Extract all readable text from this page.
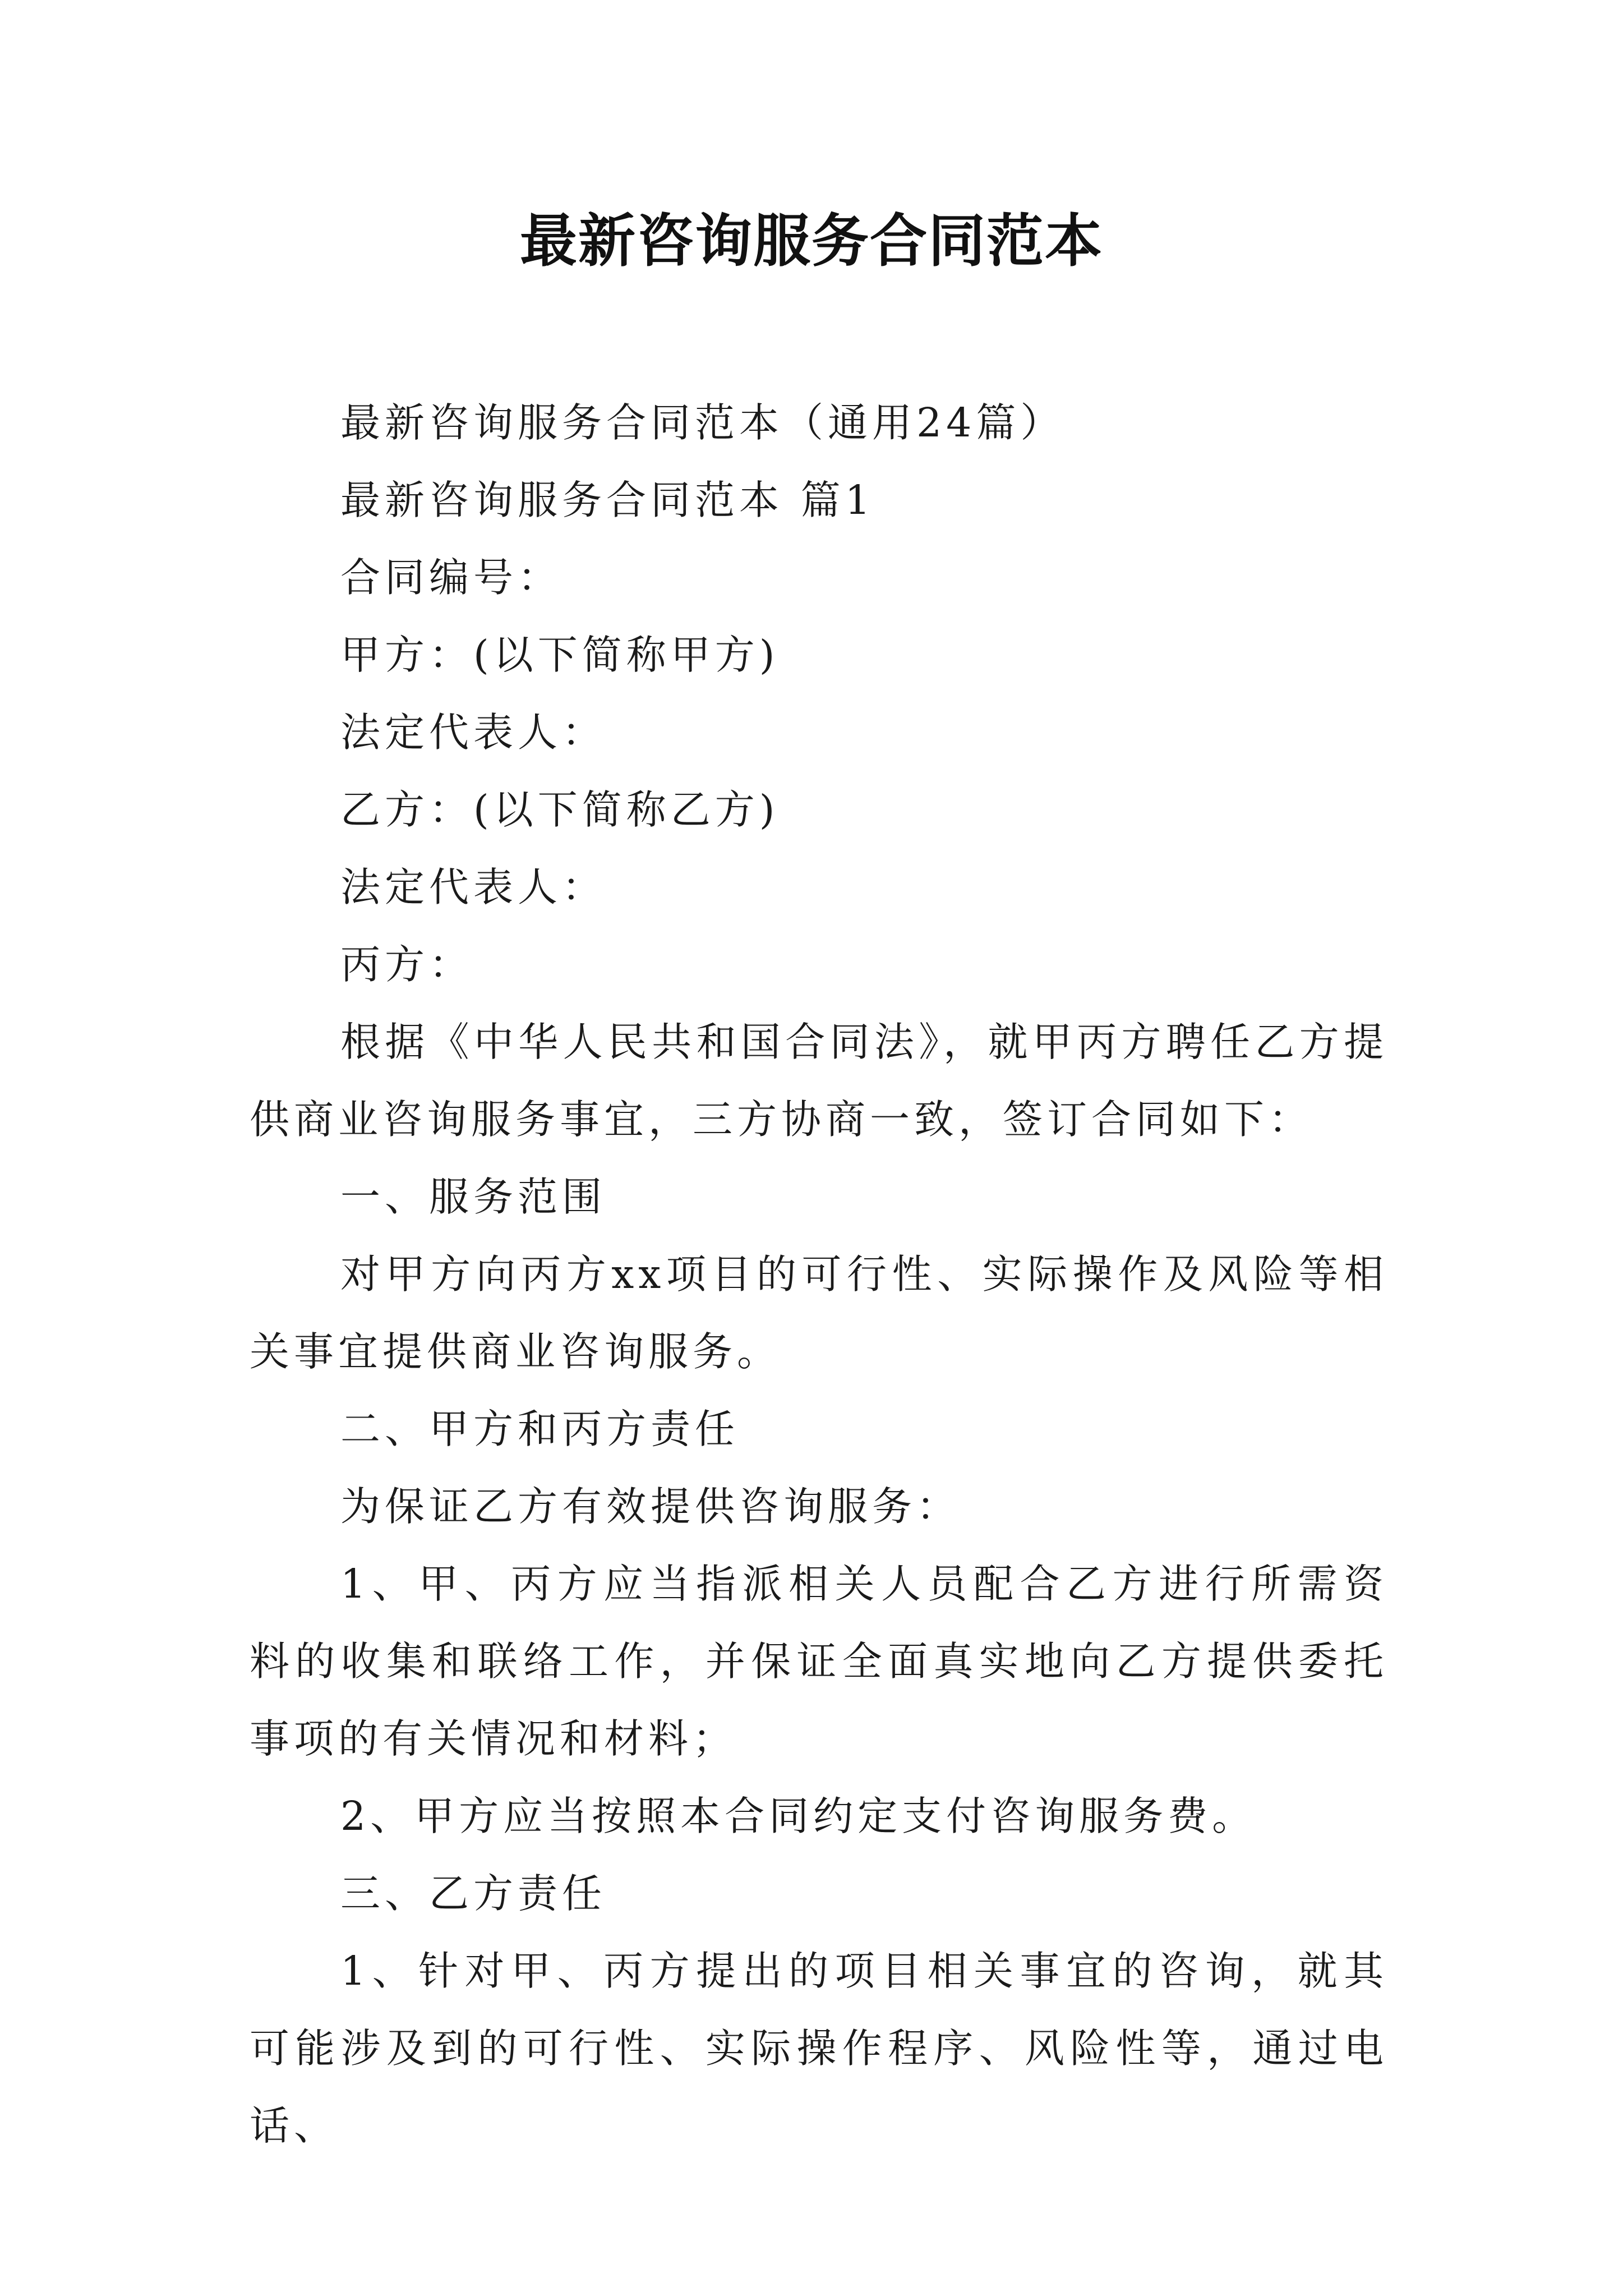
最新咨询服务合同范本

最新咨询服务合同范本（通用24篇）

最新咨询服务合同范本 篇1

合同编号：

甲方：(以下简称甲方)

法定代表人：

乙方：(以下简称乙方)

法定代表人：

丙方：

根据《中华人民共和国合同法》，就甲丙方聘任乙方提供商业咨询服务事宜，三方协商一致，签订合同如下：

一、服务范围

对甲方向丙方xx项目的可行性、实际操作及风险等相关事宜提供商业咨询服务。

二、甲方和丙方责任

为保证乙方有效提供咨询服务：

1、甲、丙方应当指派相关人员配合乙方进行所需资料的收集和联络工作，并保证全面真实地向乙方提供委托事项的有关情况和材料；

2、甲方应当按照本合同约定支付咨询服务费。

三、乙方责任

1、针对甲、丙方提出的项目相关事宜的咨询，就其可能涉及到的可行性、实际操作程序、风险性等，通过电话、
